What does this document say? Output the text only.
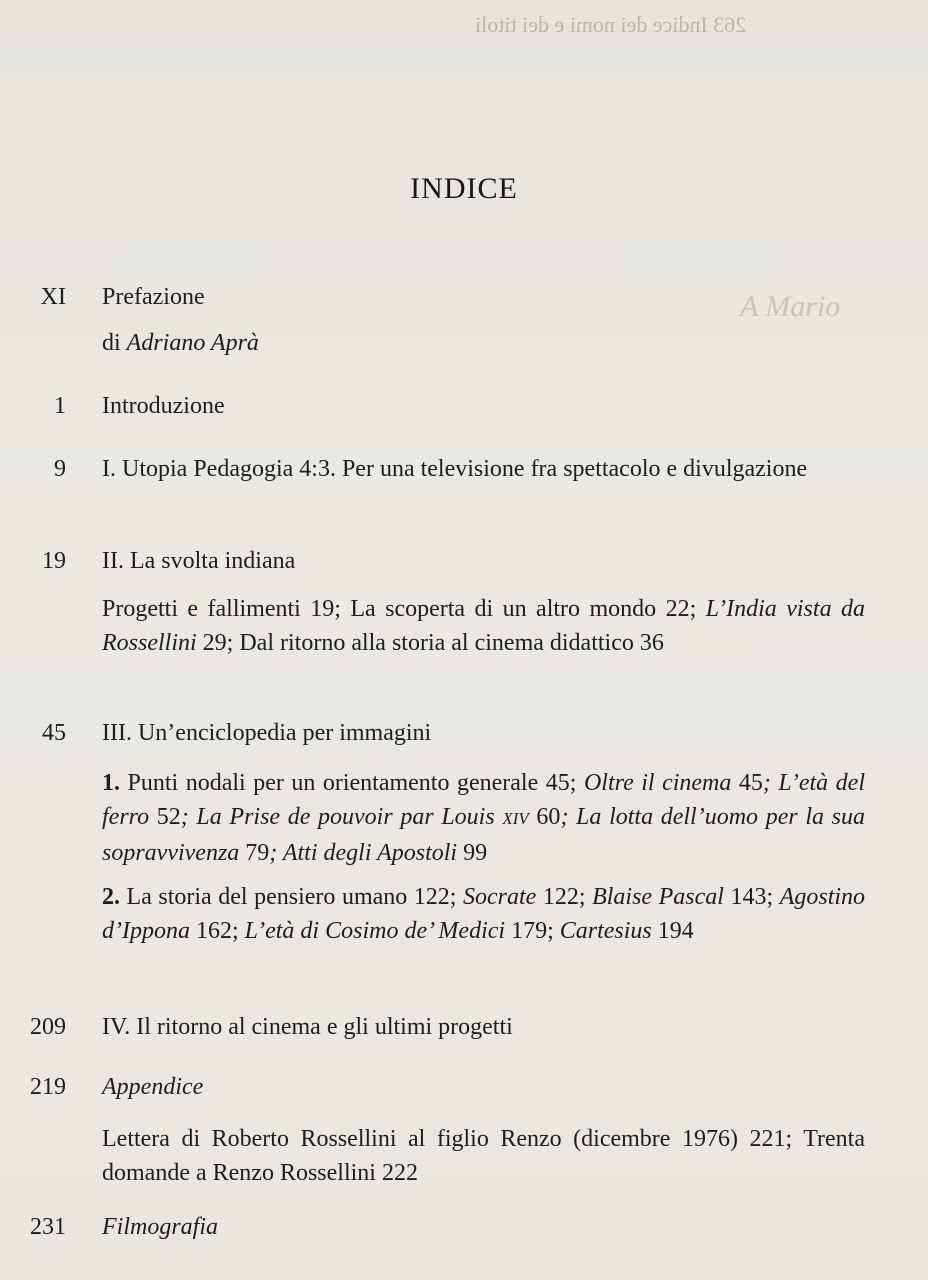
263 Indice dei nomi e dei titoli
A Mario
INDICE
XI Prefazione
di Adriano Aprà
1 Introduzione
9 I. Utopia Pedagogia 4:3. Per una televisione fra spettacolo e divulgazione
19 II. La svolta indiana
Progetti e fallimenti 19; La scoperta di un altro mondo 22; L’India vista da Rossellini 29; Dal ritorno alla storia al cinema didattico 36
45 III. Un’enciclopedia per immagini
1. Punti nodali per un orientamento generale 45; Oltre il cinema 45; L’età del ferro 52; La Prise de pouvoir par Louis XIV 60; La lotta dell’uomo per la sua sopravvivenza 79; Atti degli Apostoli 99
2. La storia del pensiero umano 122; Socrate 122; Blaise Pascal 143; Agostino d’Ippona 162; L’età di Cosimo de’ Medici 179; Cartesius 194
209 IV. Il ritorno al cinema e gli ultimi progetti
219 Appendice
Lettera di Roberto Rossellini al figlio Renzo (dicembre 1976) 221; Trenta domande a Renzo Rossellini 222
231 Filmografia
